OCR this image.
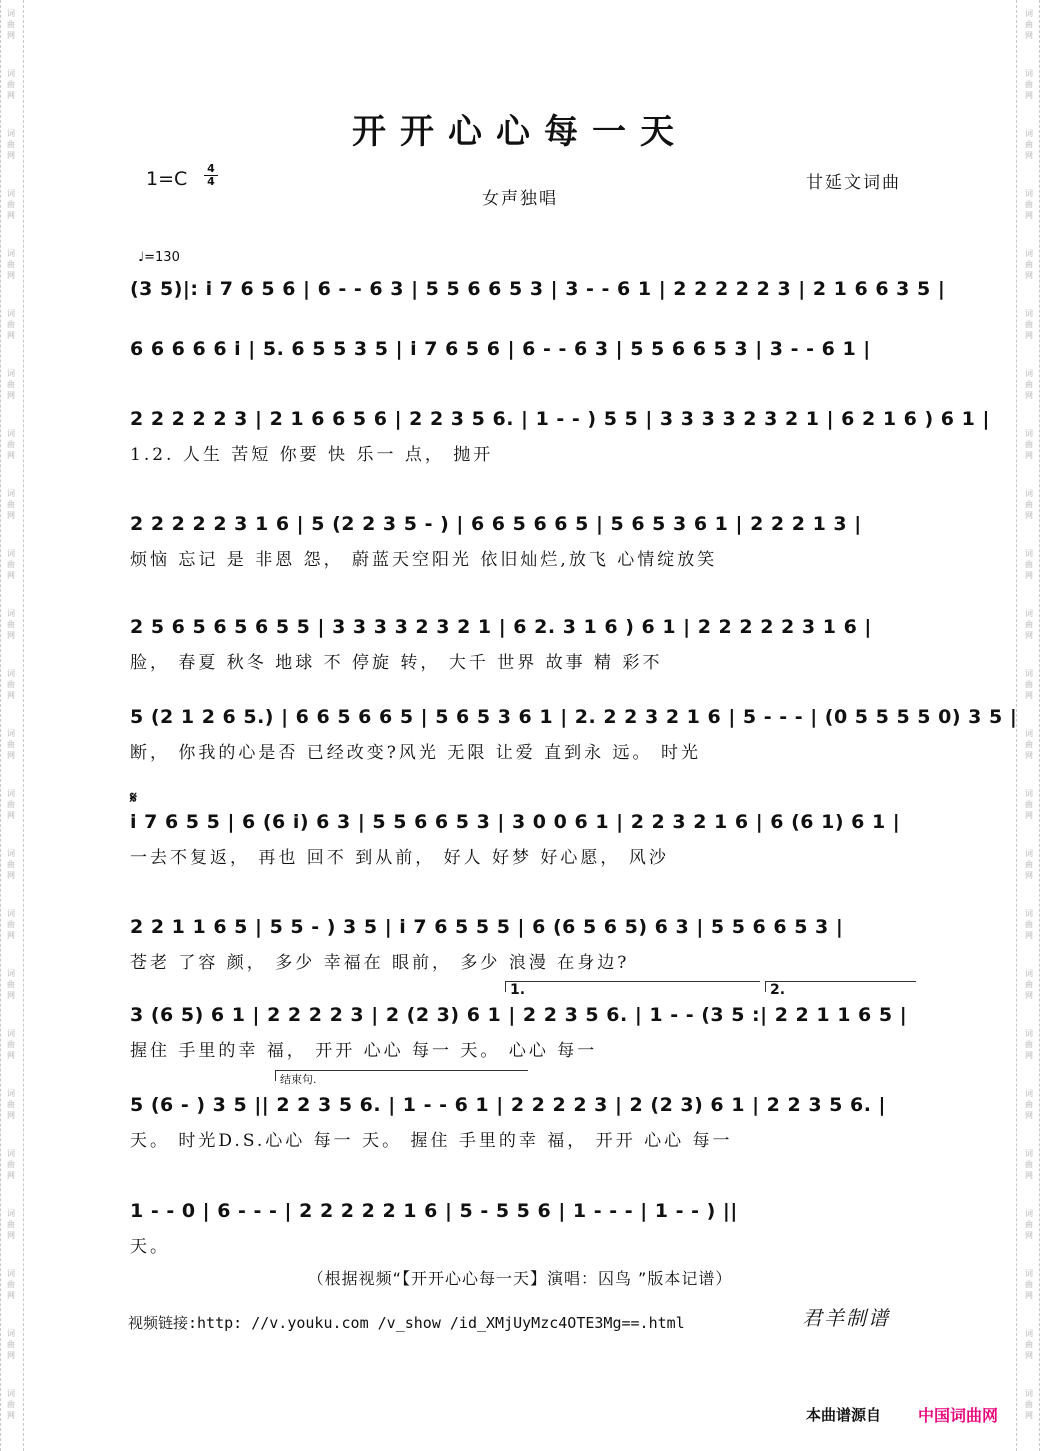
词
曲
网
词
曲
网
词
曲
网
词
曲
网
词
曲
网
词
曲
网
词
曲
网
词
曲
网
词
曲
网
词
曲
网
词
曲
网
词
曲
网
词
曲
网
词
曲
网
词
曲
网
词
曲
网
词
曲
网
词
曲
网
词
曲
网
词
曲
网
词
曲
网
词
曲
网
词
曲
网
词
曲
网
词
曲
网
词
曲
网
词
曲
网
词
曲
网
词
曲
网
词
曲
网
词
曲
网
词
曲
网
词
曲
网
词
曲
网
词
曲
网
词
曲
网
词
曲
网
词
曲
网
词
曲
网
词
曲
网
词
曲
网
词
曲
网
词
曲
网
词
曲
网
词
曲
网
词
曲
网
词
曲
网
词
曲
网
开开心心每一天
1=C 4
4
女声独唱
甘延文词曲
♩=130
(3 5)|: i 7 6 5 6 | 6 - - 6 3 | 5 5 6 6 5 3 | 3 - - 6 1 | 2 2 2 2 2 3 | 2 1 6 6 3 5 |
6 6 6 6 6 i | 5. 6 5 5 3 5 | i 7 6 5 6 | 6 - - 6 3 | 5 5 6 6 5 3 | 3 - - 6 1 |
2 2 2 2 2 3 | 2 1 6 6 5 6 | 2 2 3 5 6. | 1 - - ) 5 5 | 3 3 3 3 2 3 2 1 | 6 2 1 6 ) 6 1 |
1.2. 人生 苦短 你要 快 乐一 点， 抛开
2 2 2 2 2 3 1 6 | 5 (2 2 3 5 - ) | 6 6 5 6 6 5 | 5 6 5 3 6 1 | 2 2 2 1 3 |
烦恼 忘记 是 非恩 怨， 蔚蓝天空阳光 依旧灿烂,放飞 心情绽放笑
2 5 6 5 6 5 6 5 5 | 3 3 3 3 2 3 2 1 | 6 2. 3 1 6 ) 6 1 | 2 2 2 2 2 3 1 6 |
脸， 春夏 秋冬 地球 不 停旋 转， 大千 世界 故事 精 彩不
5 (2 1 2 6 5.) | 6 6 5 6 6 5 | 5 6 5 3 6 1 | 2. 2 2 3 2 1 6 | 5 - - - | (0 5 5 5 5 0) 3 5 |
断， 你我的心是否 已经改变?风光 无限 让爱 直到永 远。 时光
i 7 6 5 5 | 6 (6 i) 6 3 | 5 5 6 6 5 3 | 3 0 0 6 1 | 2 2 3 2 1 6 | 6 (6 1) 6 1 |
一去不复返， 再也 回不 到从前， 好人 好梦 好心愿， 风沙
2 2 1 1 6 5 | 5 5 - ) 3 5 | i 7 6 5 5 5 | 6 (6 5 6 5) 6 3 | 5 5 6 6 5 3 |
苍老 了容 颜， 多少 幸福在 眼前， 多少 浪漫 在身边?
3 (6 5) 6 1 | 2 2 2 2 3 | 2 (2 3) 6 1 | 2 2 3 5 6. | 1 - - (3 5 :| 2 2 1 1 6 5 |
握住 手里的幸 福， 开开 心心 每一 天。 心心 每一
5 (6 - ) 3 5 || 2 2 3 5 6. | 1 - - 6 1 | 2 2 2 2 3 | 2 (2 3) 6 1 | 2 2 3 5 6. |
天。 时光D.S.心心 每一 天。 握住 手里的幸 福， 开开 心心 每一
1 - - 0 | 6 - - - | 2 2 2 2 2 1 6 | 5 - 5 5 6 | 1 - - - | 1 - - ) ||
天。
𝄋
1.	2.
结束句.
（根据视频“【开开心心每一天】演唱：囚鸟 ”版本记谱）
视频链接:http: //v.youku.com /v_show /id_XMjUyMzc4OTE3Mg==.html	君羊制谱
本曲谱源自 中国词曲网
